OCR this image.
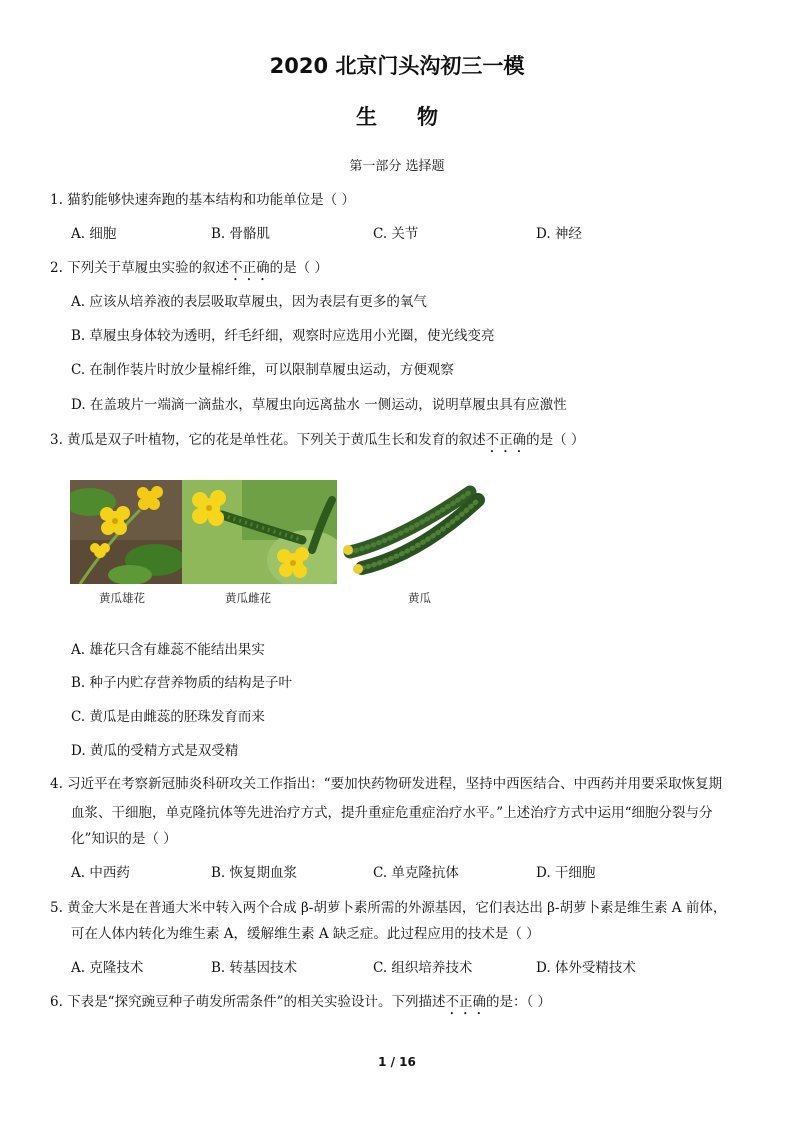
2020 北京门头沟初三一模
生物
第一部分 选择题
1. 猫豹能够快速奔跑的基本结构和功能单位是（ ）
A. 细胞	B. 骨骼肌	C. 关节	D. 神经
2. 下列关于草履虫实验的叙述不正确的是（ ）
A. 应该从培养液的表层吸取草履虫，因为表层有更多的氧气
B. 草履虫身体较为透明，纤毛纤细，观察时应选用小光圈，使光线变亮
C. 在制作装片时放少量棉纤维，可以限制草履虫运动，方便观察
D. 在盖玻片一端滴一滴盐水，草履虫向远离盐水 一侧运动，说明草履虫具有应激性
3. 黄瓜是双子叶植物，它的花是单性花。下列关于黄瓜生长和发育的叙述不正确的是（ ）
黄瓜雄花	黄瓜雌花	黄瓜
A. 雄花只含有雄蕊不能结出果实
B. 种子内贮存营养物质的结构是子叶
C. 黄瓜是由雌蕊的胚珠发育而来
D. 黄瓜的受精方式是双受精
4. 习近平在考察新冠肺炎科研攻关工作指出：“要加快药物研发进程，坚持中西医结合、中西药并用要采取恢复期
血浆、干细胞，单克隆抗体等先进治疗方式，提升重症危重症治疗水平。”上述治疗方式中运用“细胞分裂与分
化”知识的是（ ）
A. 中西药	B. 恢复期血浆	C. 单克隆抗体	D. 干细胞
5. 黄金大米是在普通大米中转入两个合成 β-胡萝卜素所需的外源基因，它们表达出 β-胡萝卜素是维生素 A 前体，
可在人体内转化为维生素 A，缓解维生素 A 缺乏症。此过程应用的技术是（ ）
A. 克隆技术	B. 转基因技术	C. 组织培养技术	D. 体外受精技术
6. 下表是“探究豌豆种子萌发所需条件”的相关实验设计。下列描述不正确的是：（ ）
1 / 16
